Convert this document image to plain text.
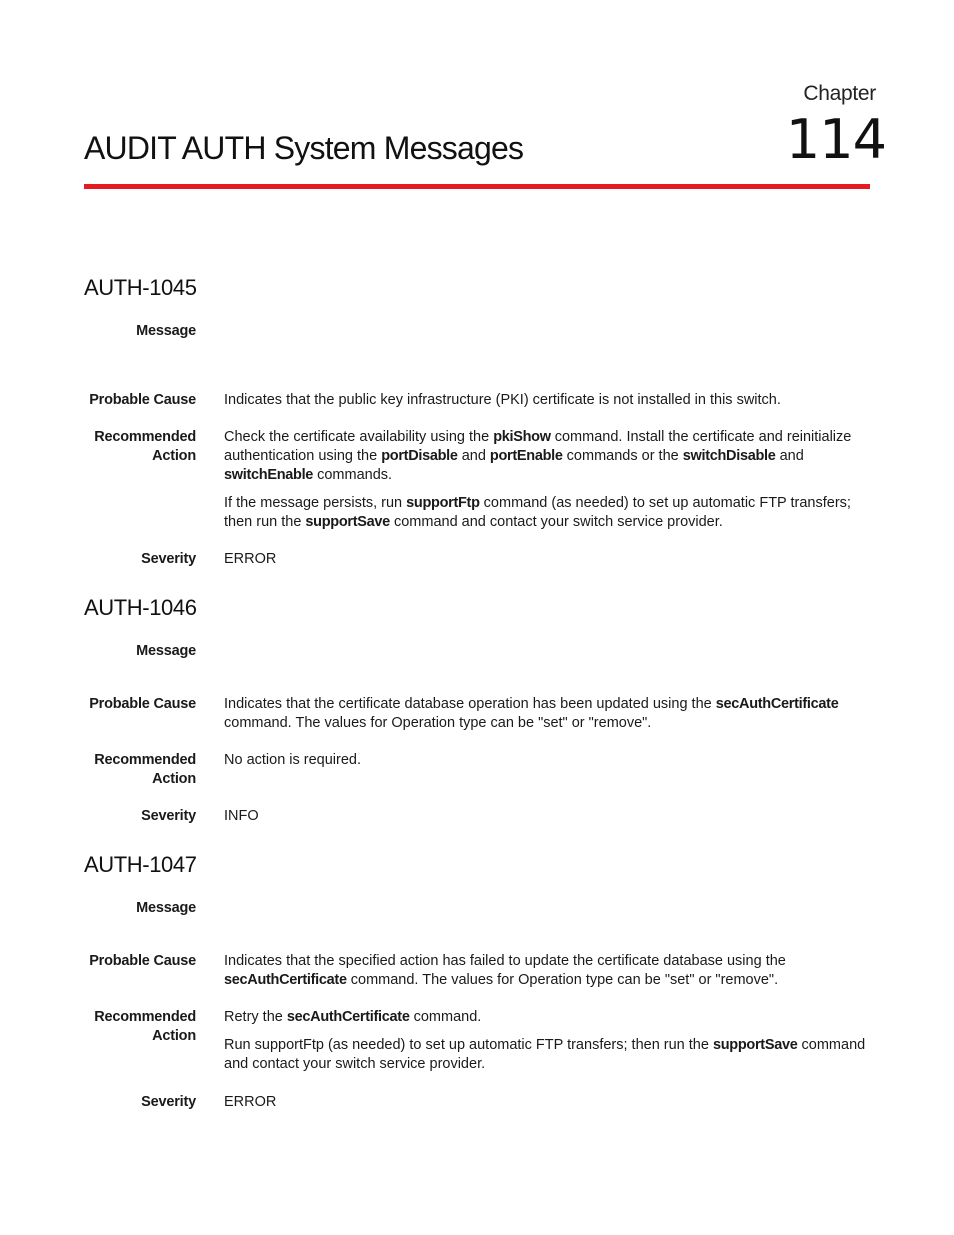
Chapter
114
AUDIT AUTH System Messages
AUTH-1045
Message
Probable Cause Indicates that the public key infrastructure (PKI) certificate is not installed in this switch.
Recommended
Action

Check the certificate availability using the pkiShow command. Install the certificate and reinitialize authentication using the portDisable and portEnable commands or the switchDisable and switchEnable commands.

If the message persists, run supportFtp command (as needed) to set up automatic FTP transfers; then run the supportSave command and contact your switch service provider.

Severity ERROR
AUTH-1046
Message
Probable Cause Indicates that the certificate database operation has been updated using the secAuthCertificate command. The values for Operation type can be "set" or "remove".
Recommended
Action

No action is required.

Severity INFO
AUTH-1047
Message
Probable Cause Indicates that the specified action has failed to update the certificate database using the secAuthCertificate command. The values for Operation type can be "set" or "remove".
Recommended
Action

Retry the secAuthCertificate command.

Run supportFtp (as needed) to set up automatic FTP transfers; then run the supportSave command and contact your switch service provider.

Severity ERROR
